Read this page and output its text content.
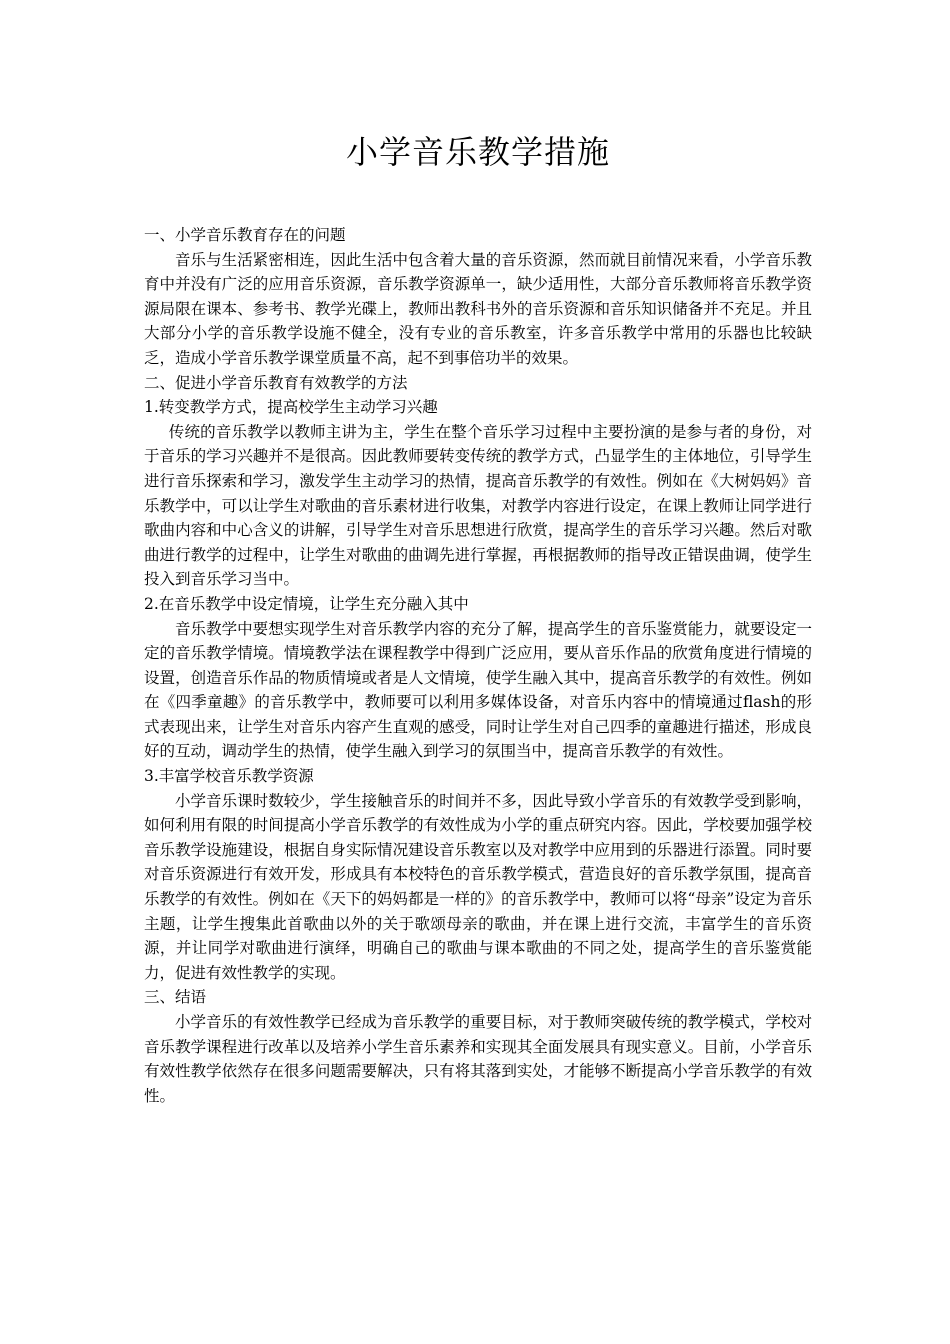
小学音乐教学措施
一、小学音乐教育存在的问题

音乐与生活紧密相连，因此生活中包含着大量的音乐资源，然而就目前情况来看，小学音乐教育中并没有广泛的应用音乐资源，音乐教学资源单一，缺少适用性，大部分音乐教师将音乐教学资源局限在课本、参考书、教学光碟上，教师出教科书外的音乐资源和音乐知识储备并不充足。并且大部分小学的音乐教学设施不健全，没有专业的音乐教室，许多音乐教学中常用的乐器也比较缺乏，造成小学音乐教学课堂质量不高，起不到事倍功半的效果。

二、促进小学音乐教育有效教学的方法
1.转变教学方式，提高校学生主动学习兴趣

传统的音乐教学以教师主讲为主，学生在整个音乐学习过程中主要扮演的是参与者的身份，对于音乐的学习兴趣并不是很高。因此教师要转变传统的教学方式，凸显学生的主体地位，引导学生进行音乐探索和学习，激发学生主动学习的热情，提高音乐教学的有效性。例如在《大树妈妈》音乐教学中，可以让学生对歌曲的音乐素材进行收集，对教学内容进行设定，在课上教师让同学进行歌曲内容和中心含义的讲解，引导学生对音乐思想进行欣赏，提高学生的音乐学习兴趣。然后对歌曲进行教学的过程中，让学生对歌曲的曲调先进行掌握，再根据教师的指导改正错误曲调，使学生投入到音乐学习当中。

2.在音乐教学中设定情境，让学生充分融入其中

音乐教学中要想实现学生对音乐教学内容的充分了解，提高学生的音乐鉴赏能力，就要设定一定的音乐教学情境。情境教学法在课程教学中得到广泛应用，要从音乐作品的欣赏角度进行情境的设置，创造音乐作品的物质情境或者是人文情境，使学生融入其中，提高音乐教学的有效性。例如在《四季童趣》的音乐教学中，教师要可以利用多媒体设备，对音乐内容中的情境通过flash的形式表现出来，让学生对音乐内容产生直观的感受，同时让学生对自己四季的童趣进行描述，形成良好的互动，调动学生的热情，使学生融入到学习的氛围当中，提高音乐教学的有效性。

3.丰富学校音乐教学资源

小学音乐课时数较少，学生接触音乐的时间并不多，因此导致小学音乐的有效教学受到影响，如何利用有限的时间提高小学音乐教学的有效性成为小学的重点研究内容。因此，学校要加强学校音乐教学设施建设，根据自身实际情况建设音乐教室以及对教学中应用到的乐器进行添置。同时要对音乐资源进行有效开发，形成具有本校特色的音乐教学模式，营造良好的音乐教学氛围，提高音乐教学的有效性。例如在《天下的妈妈都是一样的》的音乐教学中，教师可以将“母亲”设定为音乐主题，让学生搜集此首歌曲以外的关于歌颂母亲的歌曲，并在课上进行交流，丰富学生的音乐资源，并让同学对歌曲进行演绎，明确自己的歌曲与课本歌曲的不同之处，提高学生的音乐鉴赏能力，促进有效性教学的实现。

三、结语

小学音乐的有效性教学已经成为音乐教学的重要目标，对于教师突破传统的教学模式，学校对音乐教学课程进行改革以及培养小学生音乐素养和实现其全面发展具有现实意义。目前，小学音乐有效性教学依然存在很多问题需要解决，只有将其落到实处，才能够不断提高小学音乐教学的有效性。
